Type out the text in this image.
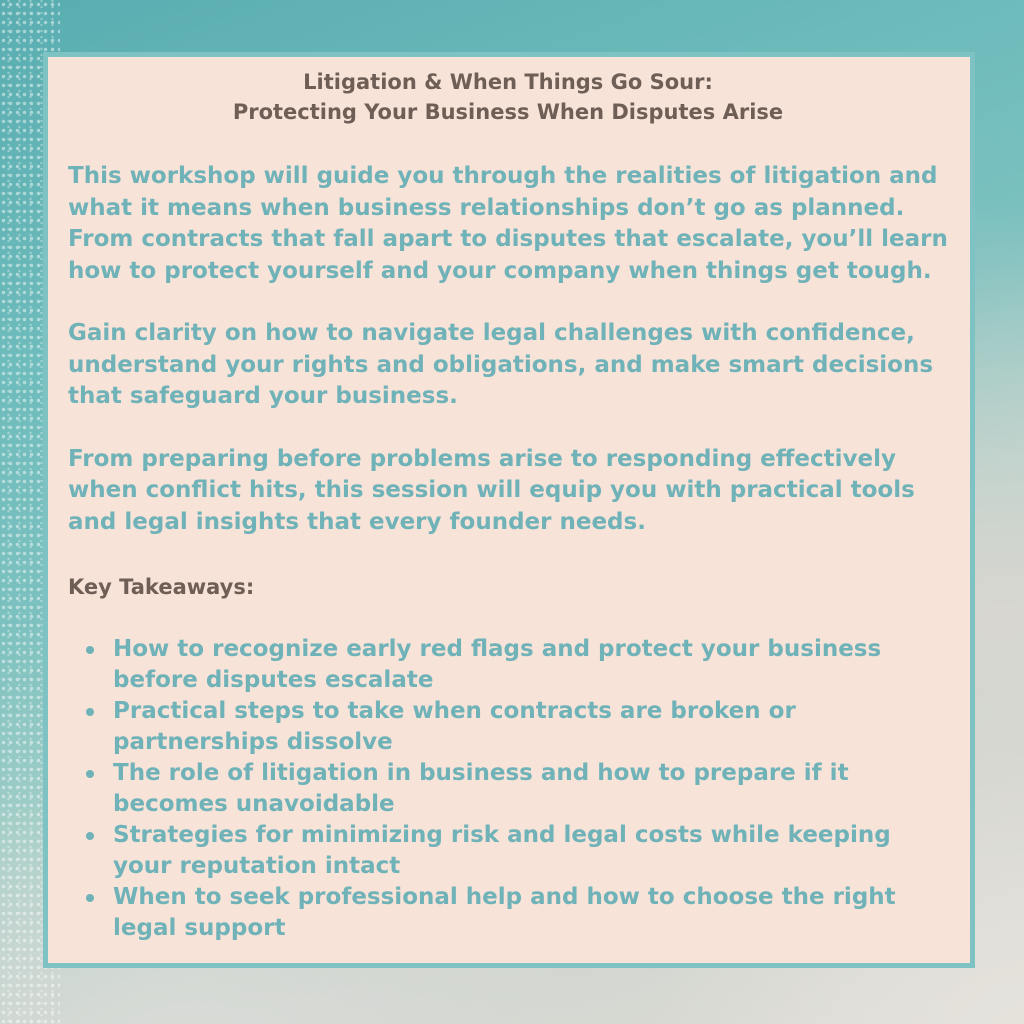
Litigation & When Things Go Sour:
Protecting Your Business When Disputes Arise

This workshop will guide you through the realities of litigation and what it means when business relationships don’t go as planned. From contracts that fall apart to disputes that escalate, you’ll learn how to protect yourself and your company when things get tough.

Gain clarity on how to navigate legal challenges with confidence, understand your rights and obligations, and make smart decisions that safeguard your business.

From preparing before problems arise to responding effectively when conflict hits, this session will equip you with practical tools and legal insights that every founder needs.

Key Takeaways:
How to recognize early red flags and protect your business before disputes escalate
Practical steps to take when contracts are broken or partnerships dissolve
The role of litigation in business and how to prepare if it becomes unavoidable
Strategies for minimizing risk and legal costs while keeping your reputation intact
When to seek professional help and how to choose the right legal support
